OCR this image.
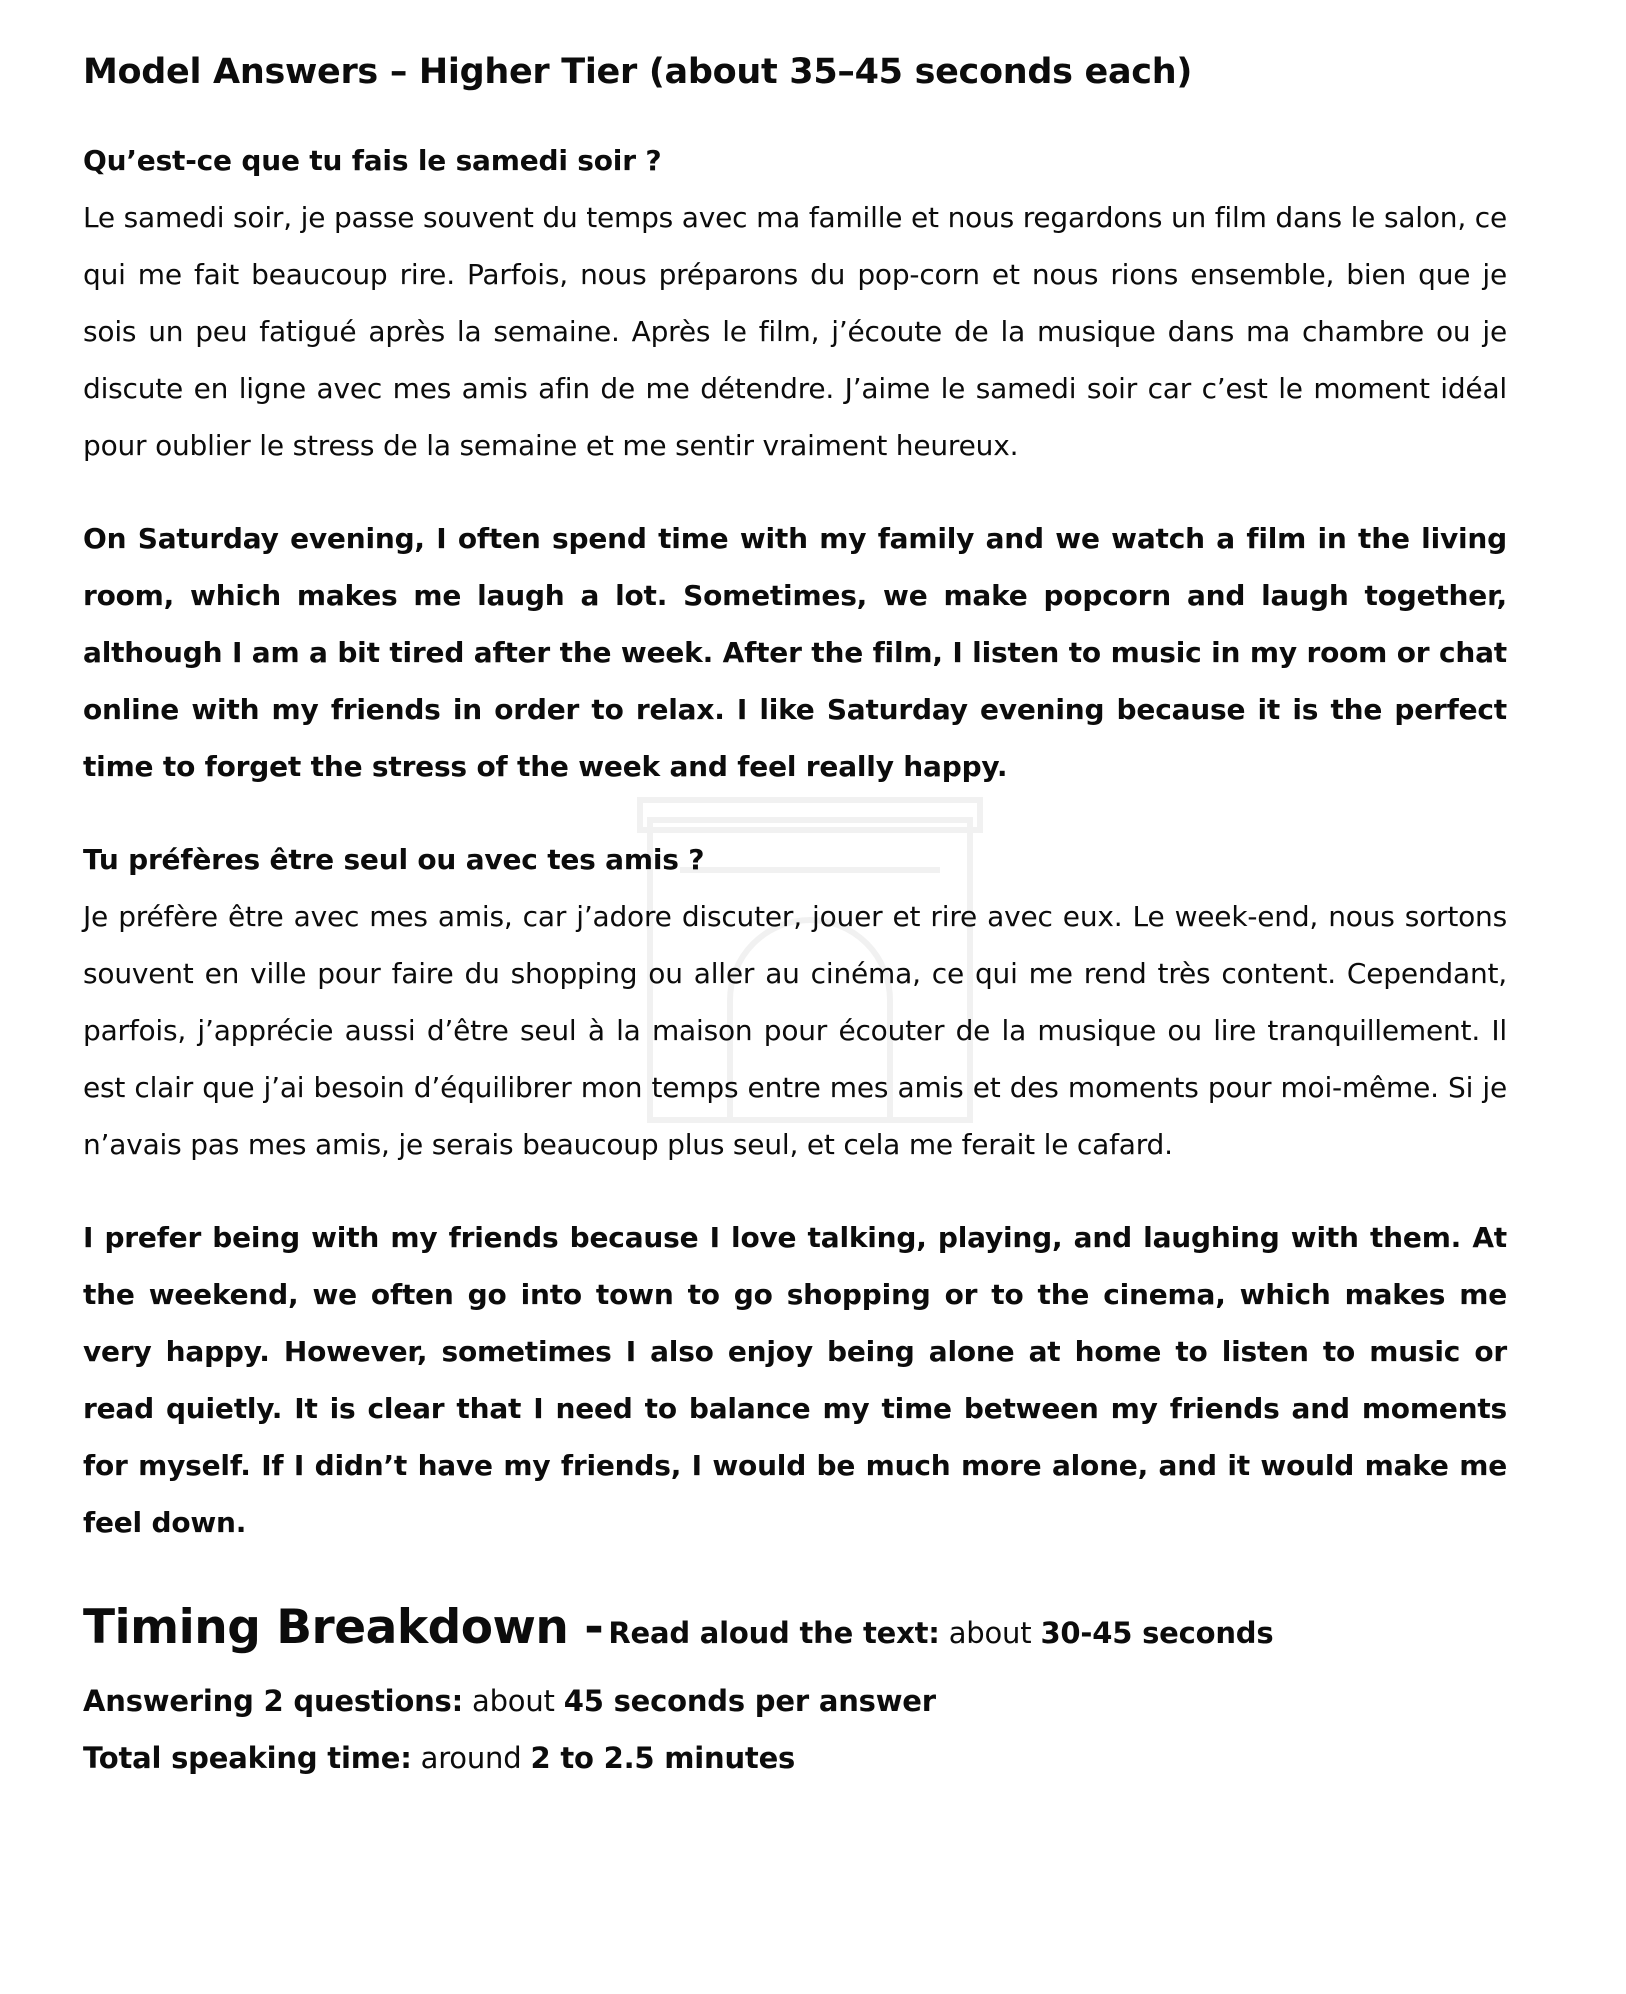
Model Answers – Higher Tier (about 35–45 seconds each)

Qu’est-ce que tu fais le samedi soir ?

Le samedi soir, je passe souvent du temps avec ma famille et nous regardons un film dans le salon, ce qui me fait beaucoup rire. Parfois, nous préparons du pop-corn et nous rions ensemble, bien que je sois un peu fatigué après la semaine. Après le film, j’écoute de la musique dans ma chambre ou je discute en ligne avec mes amis afin de me détendre. J’aime le samedi soir car c’est le moment idéal pour oublier le stress de la semaine et me sentir vraiment heureux.

On Saturday evening, I often spend time with my family and we watch a film in the living room, which makes me laugh a lot. Sometimes, we make popcorn and laugh together, although I am a bit tired after the week. After the film, I listen to music in my room or chat online with my friends in order to relax. I like Saturday evening because it is the perfect time to forget the stress of the week and feel really happy.

Tu préfères être seul ou avec tes amis ?

Je préfère être avec mes amis, car j’adore discuter, jouer et rire avec eux. Le week-end, nous sortons souvent en ville pour faire du shopping ou aller au cinéma, ce qui me rend très content. Cependant, parfois, j’apprécie aussi d’être seul à la maison pour écouter de la musique ou lire tranquillement. Il est clair que j’ai besoin d’équilibrer mon temps entre mes amis et des moments pour moi-même. Si je n’avais pas mes amis, je serais beaucoup plus seul, et cela me ferait le cafard.

I prefer being with my friends because I love talking, playing, and laughing with them. At the weekend, we often go into town to go shopping or to the cinema, which makes me very happy. However, sometimes I also enjoy being alone at home to listen to music or read quietly. It is clear that I need to balance my time between my friends and moments for myself. If I didn’t have my friends, I would be much more alone, and it would make me feel down.

Timing Breakdown - Read aloud the text: about 30-45 seconds

Answering 2 questions: about 45 seconds per answer

Total speaking time: around 2 to 2.5 minutes
